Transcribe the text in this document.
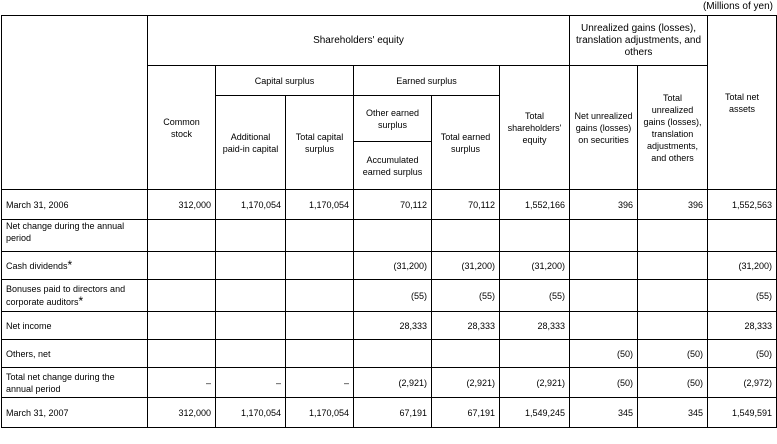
(Millions of yen)
	Shareholders' equity						Unrealized gains (losses), translation adjustments, and others		Total net assets
	Common stock	Capital surplus		Earned surplus		Total shareholders' equity	Net unrealized gains (losses) on securities	Total unrealized gains (losses), translation adjustments, and others	
		Additional paid-in capital	Total capital surplus	Other earned surplus	Total earned surplus				
				Accumulated earned surplus					
March 31, 2006	312,000	1,170,054	1,170,054	70,112	70,112	1,552,166	396	396	1,552,563
Net change during the annual period									
Cash dividends*				(31,200)	(31,200)	(31,200)			(31,200)
Bonuses paid to directors and corporate auditors*				(55)	(55)	(55)			(55)
Net income				28,333	28,333	28,333			28,333
Others, net							(50)	(50)	(50)
Total net change during the annual period	–	–	–	(2,921)	(2,921)	(2,921)	(50)	(50)	(2,972)
March 31, 2007	312,000	1,170,054	1,170,054	67,191	67,191	1,549,245	345	345	1,549,591
